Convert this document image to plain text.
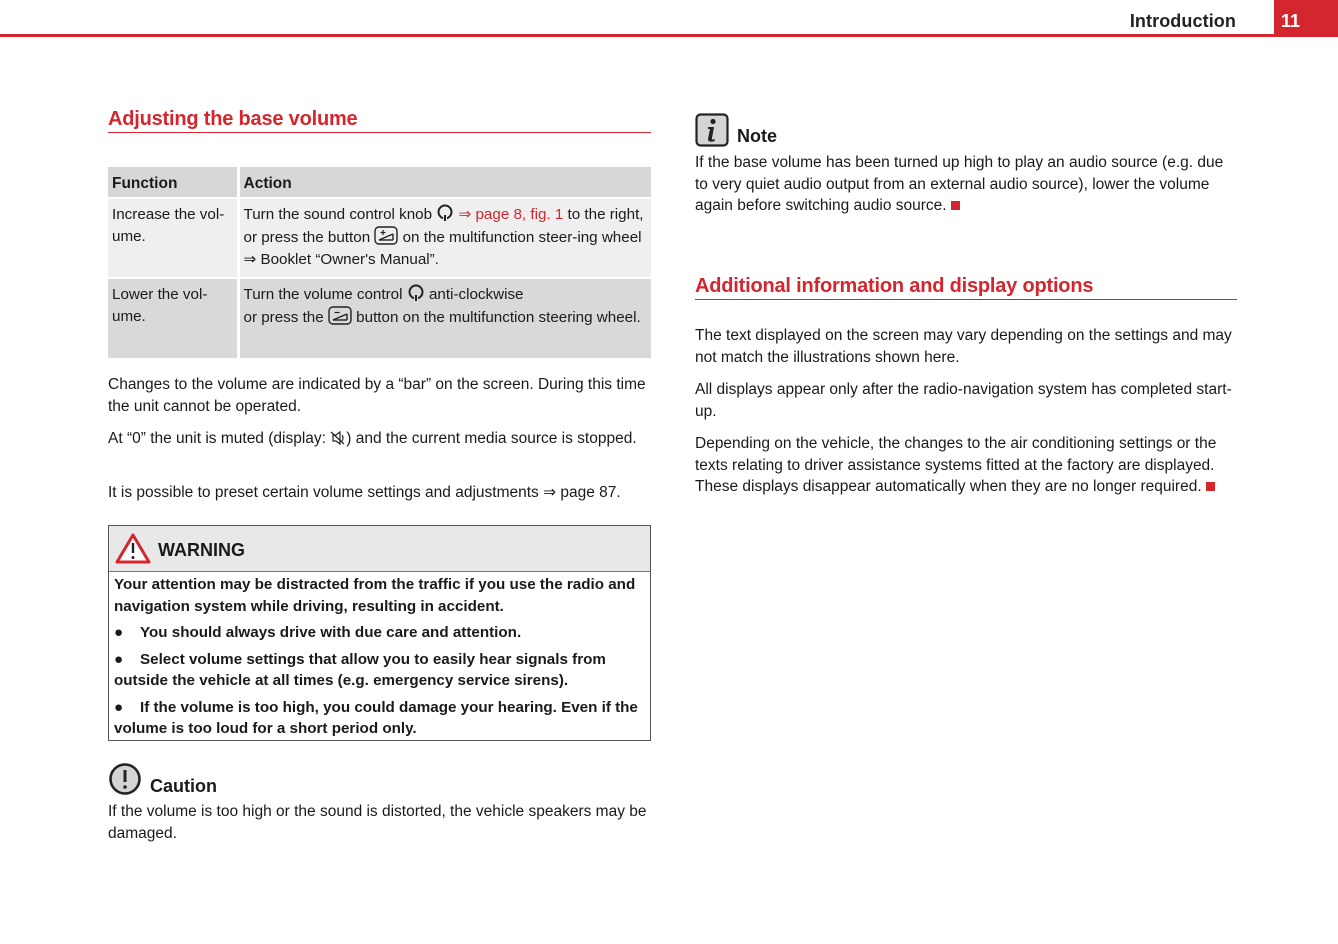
Introduction	11
Adjusting the base volume
Function	Action
Increase the vol-
ume.	Turn the sound control knob ⇒ page 8, fig. 1 to the right, or press the button on the multifunction steer-ing wheel ⇒ Booklet “Owner's Manual”.
Lower the vol-
ume.	Turn the volume control anti-clockwise
or press the button on the multifunction steering wheel.
Changes to the volume are indicated by a “bar” on the screen. During this time the unit cannot be operated.
At “0” the unit is muted (display: ) and the current media source is stopped.
It is possible to preset certain volume settings and adjustments ⇒ page 87.
WARNING

Your attention may be distracted from the traffic if you use the radio and navigation system while driving, resulting in accident.

● You should always drive with due care and attention.

● Select volume settings that allow you to easily hear signals from outside the vehicle at all times (e.g. emergency service sirens).

● If the volume is too high, you could damage your hearing. Even if the volume is too loud for a short period only.

Caution
If the volume is too high or the sound is distorted, the vehicle speakers may be damaged.
Note
If the base volume has been turned up high to play an audio source (e.g. due to very quiet audio output from an external audio source), lower the volume again before switching audio source.
Additional information and display options
The text displayed on the screen may vary depending on the settings and may not match the illustrations shown here.
All displays appear only after the radio-navigation system has completed start-up.
Depending on the vehicle, the changes to the air conditioning settings or the texts relating to driver assistance systems fitted at the factory are displayed. These displays disappear automatically when they are no longer required.
